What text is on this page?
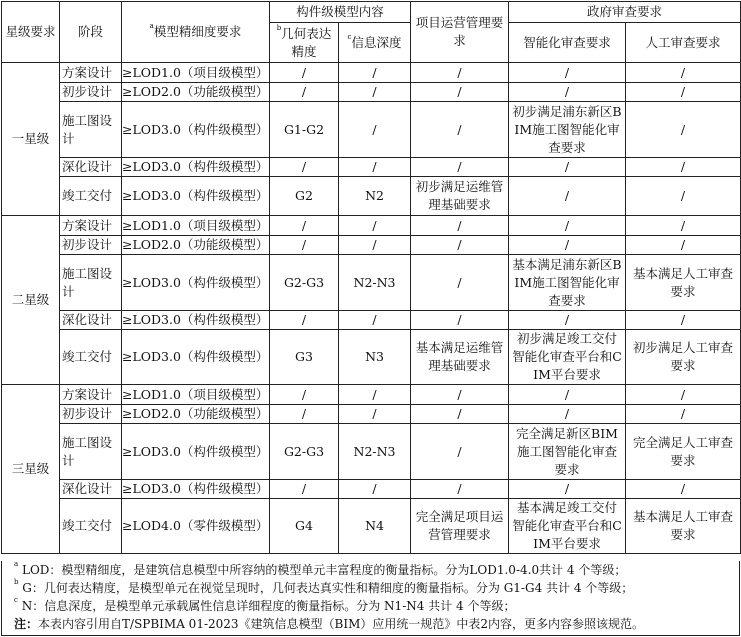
星级要求	阶段	$^a$模型精细度要求	构件级模型内容		项目运营管理要求	政府审查要求	
			$^b$几何表达精度	$^c$信息深度		智能化审查要求	人工审查要求
一星级	方案设计	≥LOD1.0（项目级模型）	/	/	/	/	/
	初步设计	≥LOD2.0（功能级模型）	/	/	/	/	/
	施工图设计	≥LOD3.0（构件级模型）	G1-G2	/	/	初步满足浦东新区BIM施工图智能化审查要求	/
	深化设计	≥LOD3.0（构件级模型）	/	/	/	/	/
	竣工交付	≥LOD3.0（构件级模型）	G2	N2	初步满足运维管理基础要求	/	/
二星级	方案设计	≥LOD1.0（项目级模型）	/	/	/	/	/
	初步设计	≥LOD2.0（功能级模型）	/	/	/	/	/
	施工图设计	≥LOD3.0（构件级模型）	G2-G3	N2-N3	/	基本满足浦东新区BIM施工图智能化审查要求	基本满足人工审查要求
	深化设计	≥LOD3.0（构件级模型）	/	/	/	/	/
	竣工交付	≥LOD3.0（构件级模型）	G3	N3	基本满足运维管理基础要求	初步满足竣工交付智能化审查平台和CIM平台要求	初步满足人工审查要求
三星级	方案设计	≥LOD1.0（项目级模型）	/	/	/	/	/
	初步设计	≥LOD2.0（功能级模型）	/	/	/	/	/
	施工图设计	≥LOD3.0（构件级模型）	G2-G3	N2-N3	/	完全满足新区BIM施工图智能化审查要求	完全满足人工审查要求
	深化设计	≥LOD3.0（构件级模型）	/	/	/	/	/
	竣工交付	≥LOD4.0（零件级模型）	G4	N4	完全满足项目运营管理要求	基本满足竣工交付智能化审查平台和CIM平台要求	基本满足人工审查要求
$^a$ LOD：模型精细度，是建筑信息模型中所容纳的模型单元丰富程度的衡量指标。分为LOD1.0-4.0共计 4 个等级；
$^b$ G：几何表达精度，是模型单元在视觉呈现时，几何表达真实性和精细度的衡量指标。分为 G1-G4 共计 4 个等级；
$^c$ N：信息深度，是模型单元承载属性信息详细程度的衡量指标。分为 N1-N4 共计 4 个等级；
注：本表内容引用自T/SPBIMA 01-2023《建筑信息模型（BIM）应用统一规范》中表2内容，更多内容参照该规范。
